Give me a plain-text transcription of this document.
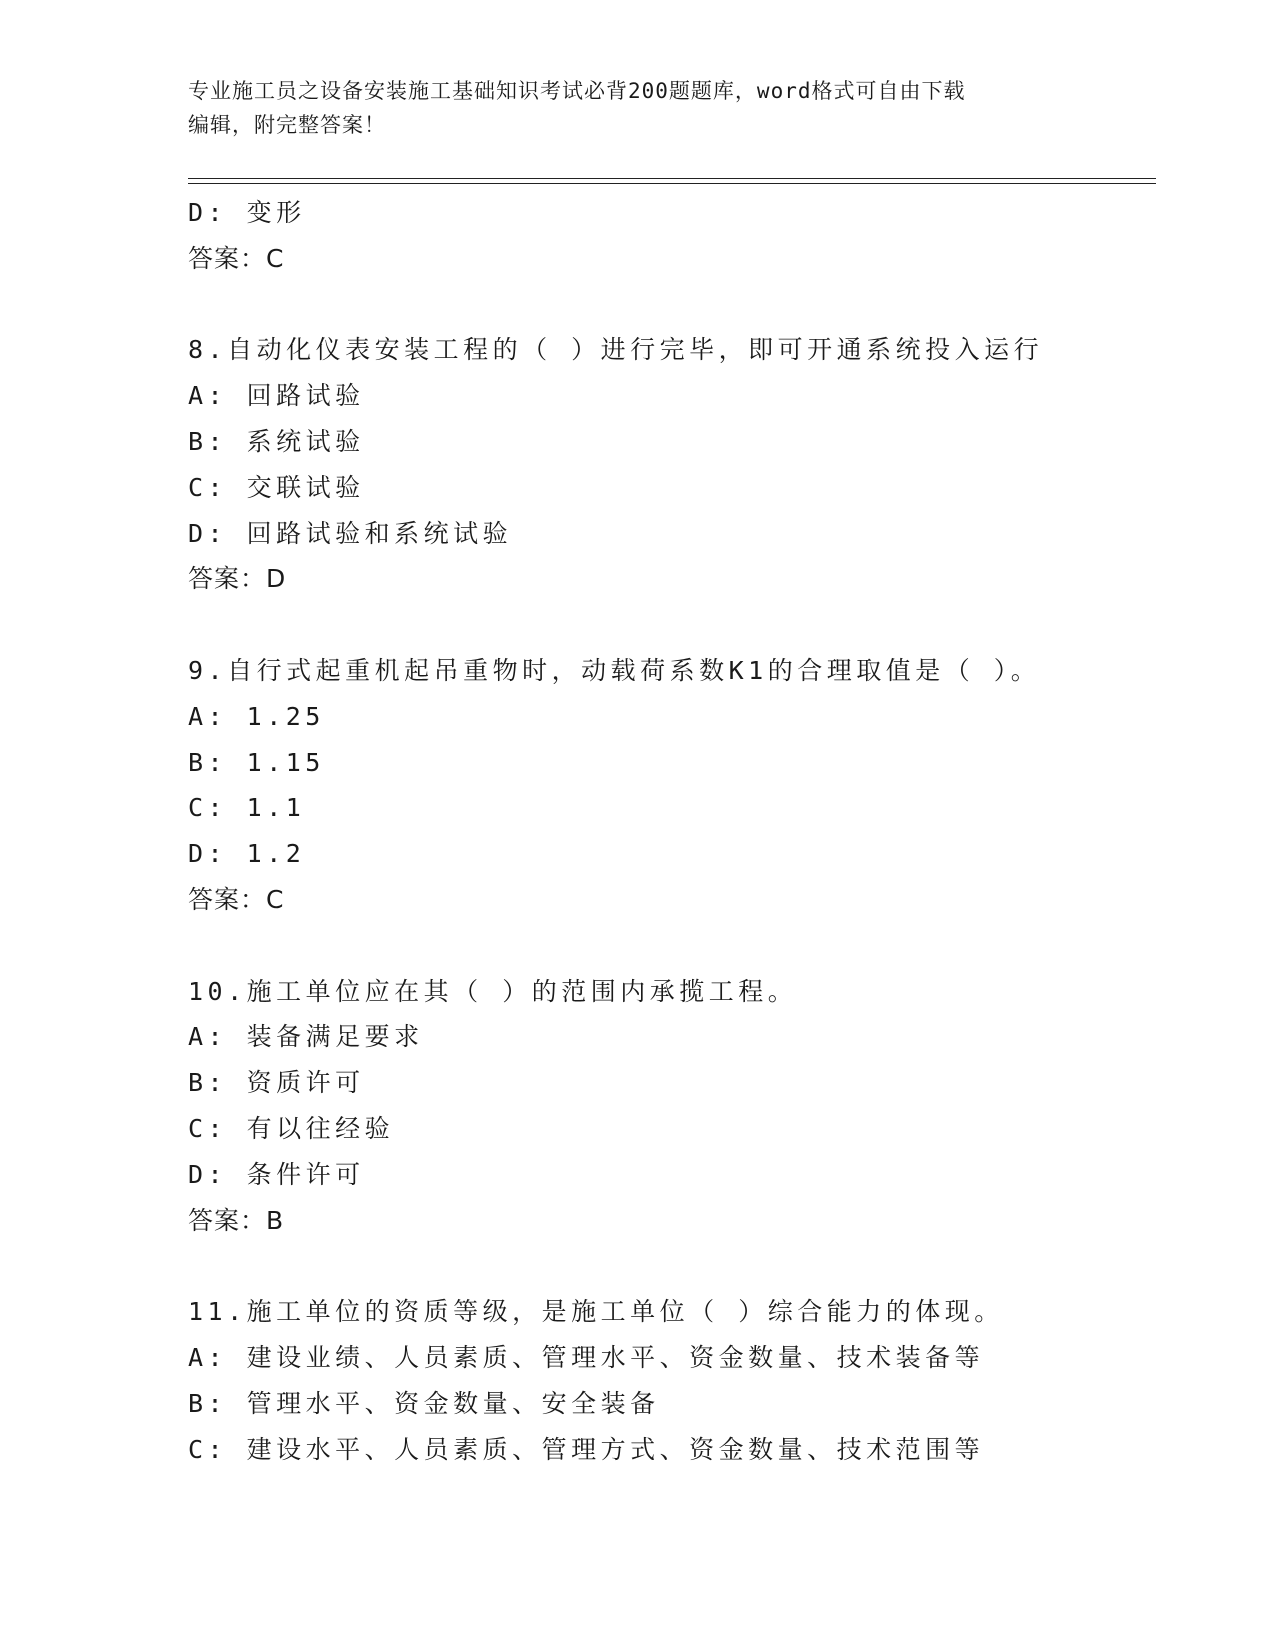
专业施工员之设备安装施工基础知识考试必背200题题库，word格式可自由下载
编辑，附完整答案！
D: 变形
答案：C
8.自动化仪表安装工程的（ ）进行完毕，即可开通系统投入运行
A: 回路试验
B: 系统试验
C: 交联试验
D: 回路试验和系统试验
答案：D
9.自行式起重机起吊重物时，动载荷系数K1的合理取值是（ ）。
A: 1.25
B: 1.15
C: 1.1
D: 1.2
答案：C
10.施工单位应在其（ ）的范围内承揽工程。
A: 装备满足要求
B: 资质许可
C: 有以往经验
D: 条件许可
答案：B
11.施工单位的资质等级，是施工单位（ ）综合能力的体现。
A: 建设业绩、人员素质、管理水平、资金数量、技术装备等
B: 管理水平、资金数量、安全装备
C: 建设水平、人员素质、管理方式、资金数量、技术范围等
